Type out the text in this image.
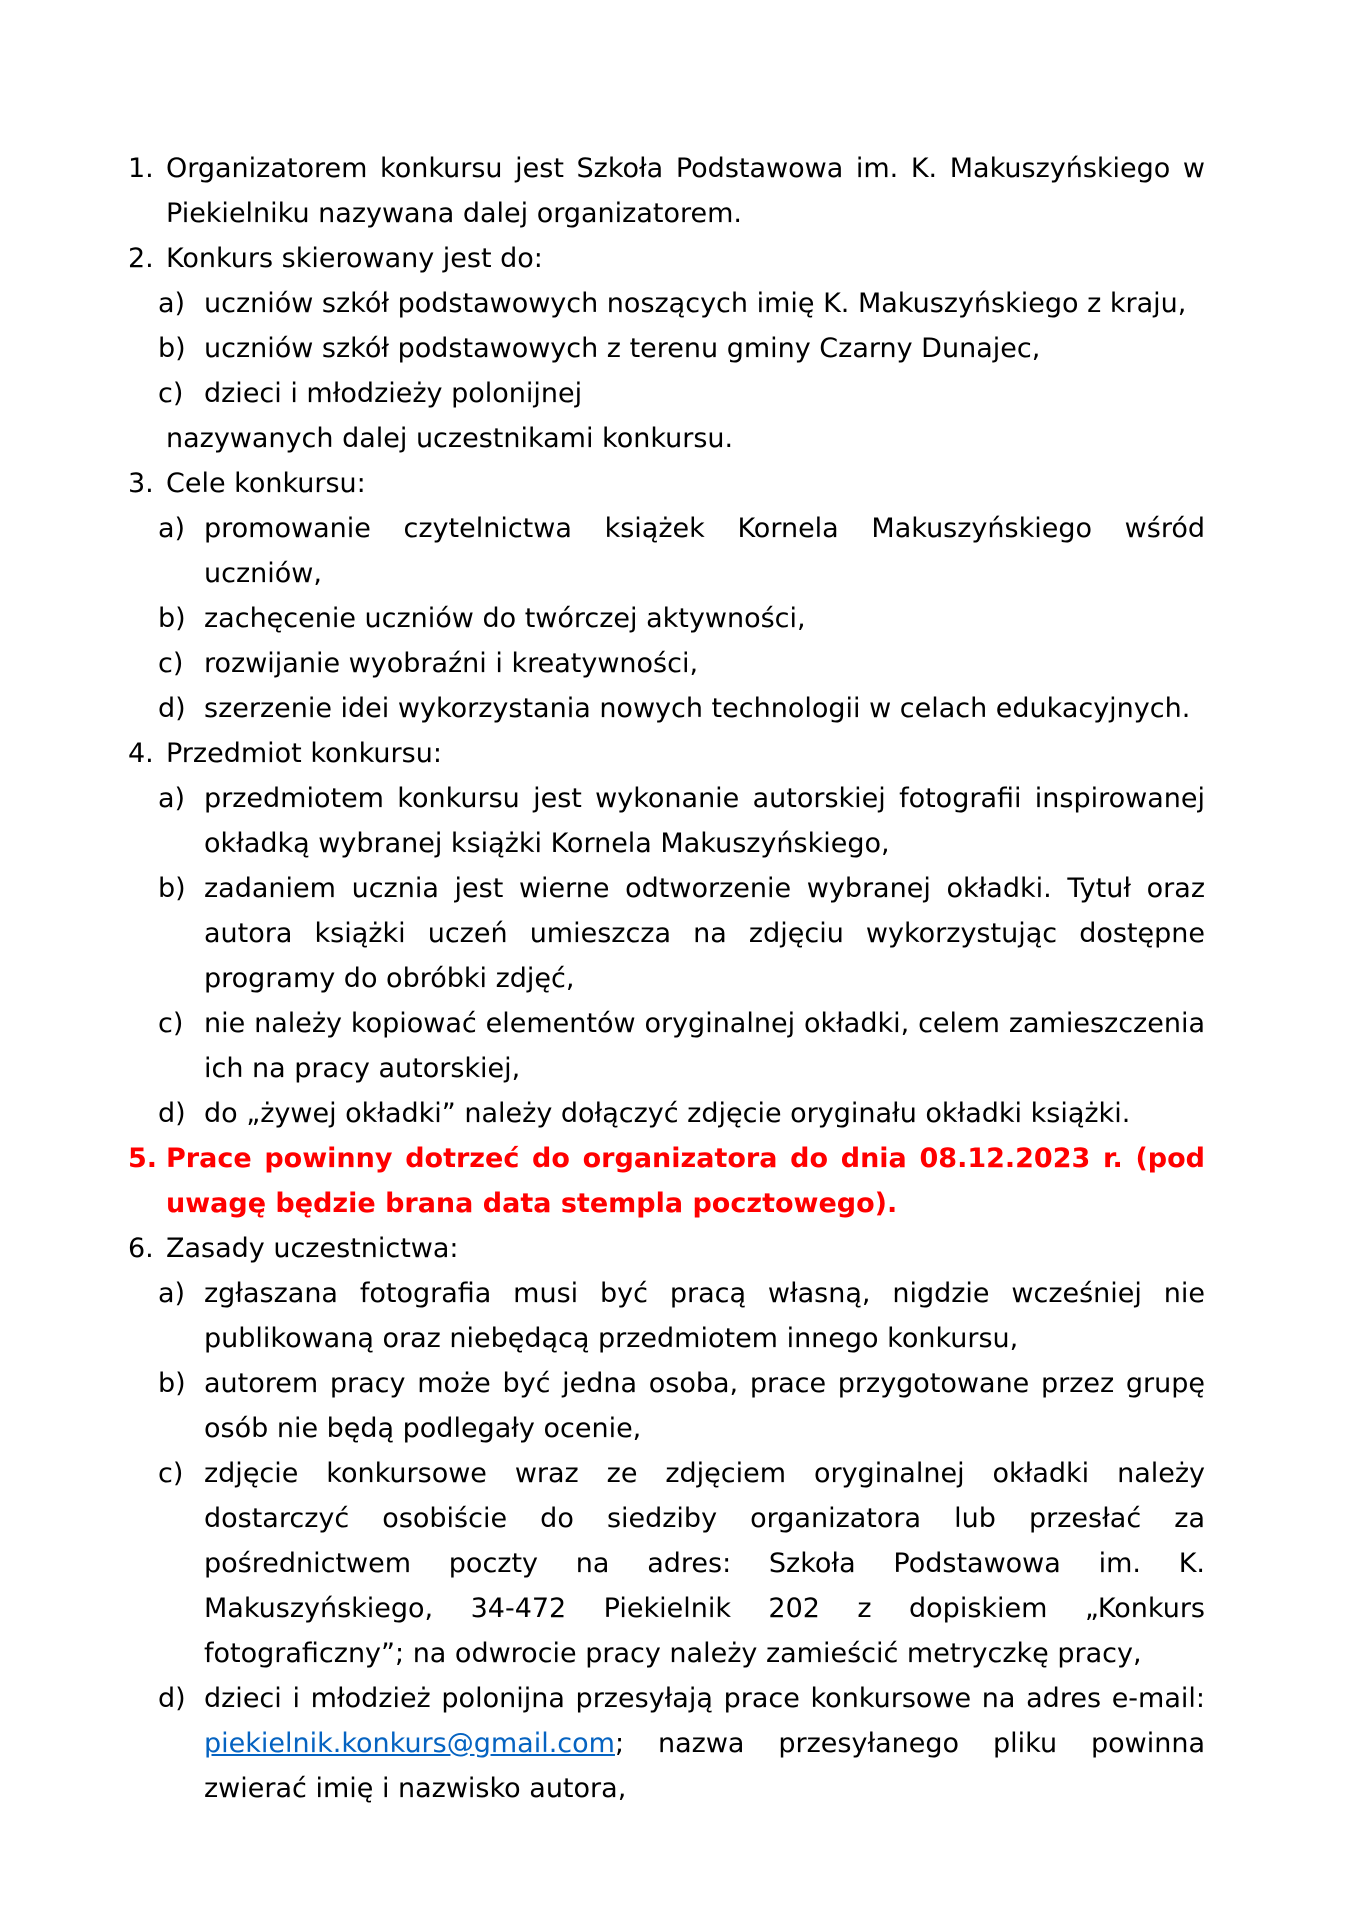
1. Organizatorem konkursu jest Szkoła Podstawowa im. K. Makuszyńskiego w Piekielniku nazywana dalej organizatorem.

2. Konkurs skierowany jest do:

a) uczniów szkół podstawowych noszących imię K. Makuszyńskiego z kraju,

b) uczniów szkół podstawowych z terenu gminy Czarny Dunajec,

c) dzieci i młodzieży polonijnej

nazywanych dalej uczestnikami konkursu.

3. Cele konkursu:

a) promowanie czytelnictwa książek Kornela Makuszyńskiego wśród uczniów,

b) zachęcenie uczniów do twórczej aktywności,

c) rozwijanie wyobraźni i kreatywności,

d) szerzenie idei wykorzystania nowych technologii w celach edukacyjnych.

4. Przedmiot konkursu:

a) przedmiotem konkursu jest wykonanie autorskiej fotografii inspirowanej okładką wybranej książki Kornela Makuszyńskiego,

b) zadaniem ucznia jest wierne odtworzenie wybranej okładki. Tytuł oraz autora książki uczeń umieszcza na zdjęciu wykorzystując dostępne programy do obróbki zdjęć,

c) nie należy kopiować elementów oryginalnej okładki, celem zamieszczenia ich na pracy autorskiej,

d) do „żywej okładki” należy dołączyć zdjęcie oryginału okładki książki.

5. Prace powinny dotrzeć do organizatora do dnia 08.12.2023 r. (pod uwagę będzie brana data stempla pocztowego).

6. Zasady uczestnictwa:

a) zgłaszana fotografia musi być pracą własną, nigdzie wcześniej nie publikowaną oraz niebędącą przedmiotem innego konkursu,

b) autorem pracy może być jedna osoba, prace przygotowane przez grupę osób nie będą podlegały ocenie,

c) zdjęcie konkursowe wraz ze zdjęciem oryginalnej okładki należy dostarczyć osobiście do siedziby organizatora lub przesłać za pośrednictwem poczty na adres: Szkoła Podstawowa im. K. Makuszyńskiego, 34-472 Piekielnik 202 z dopiskiem „Konkurs fotograficzny”; na odwrocie pracy należy zamieścić metryczkę pracy,

d) dzieci i młodzież polonijna przesyłają prace konkursowe na adres e-mail: piekielnik.konkurs@gmail.com; nazwa przesyłanego pliku powinna zwierać imię i nazwisko autora,
